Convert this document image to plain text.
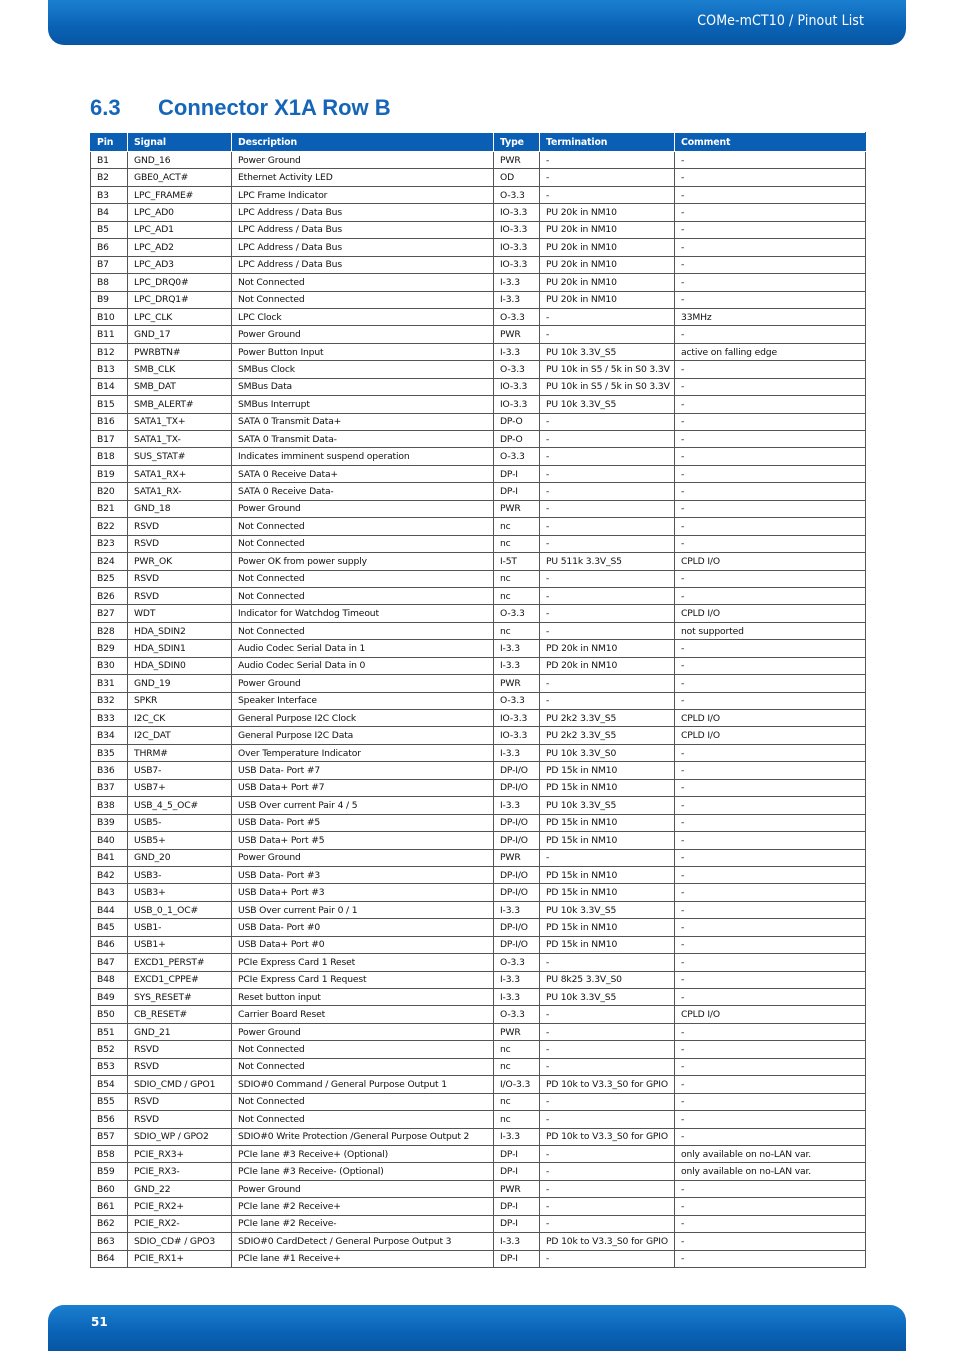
COMe-mCT10 / Pinout List
6.3 Connector X1A Row B
Pin	Signal	Description	Type	Termination	Comment
B1	GND_16	Power Ground	PWR	-	-
B2	GBE0_ACT#	Ethernet Activity LED	OD	-	-
B3	LPC_FRAME#	LPC Frame Indicator	O-3.3	-	-
B4	LPC_AD0	LPC Address / Data Bus	IO-3.3	PU 20k in NM10	-
B5	LPC_AD1	LPC Address / Data Bus	IO-3.3	PU 20k in NM10	-
B6	LPC_AD2	LPC Address / Data Bus	IO-3.3	PU 20k in NM10	-
B7	LPC_AD3	LPC Address / Data Bus	IO-3.3	PU 20k in NM10	-
B8	LPC_DRQ0#	Not Connected	I-3.3	PU 20k in NM10	-
B9	LPC_DRQ1#	Not Connected	I-3.3	PU 20k in NM10	-
B10	LPC_CLK	LPC Clock	O-3.3	-	33MHz
B11	GND_17	Power Ground	PWR	-	-
B12	PWRBTN#	Power Button Input	I-3.3	PU 10k 3.3V_S5	active on falling edge
B13	SMB_CLK	SMBus Clock	O-3.3	PU 10k in S5 / 5k in S0 3.3V	-
B14	SMB_DAT	SMBus Data	IO-3.3	PU 10k in S5 / 5k in S0 3.3V	-
B15	SMB_ALERT#	SMBus Interrupt	IO-3.3	PU 10k 3.3V_S5	-
B16	SATA1_TX+	SATA 0 Transmit Data+	DP-O	-	-
B17	SATA1_TX-	SATA 0 Transmit Data-	DP-O	-	-
B18	SUS_STAT#	Indicates imminent suspend operation	O-3.3	-	-
B19	SATA1_RX+	SATA 0 Receive Data+	DP-I	-	-
B20	SATA1_RX-	SATA 0 Receive Data-	DP-I	-	-
B21	GND_18	Power Ground	PWR	-	-
B22	RSVD	Not Connected	nc	-	-
B23	RSVD	Not Connected	nc	-	-
B24	PWR_OK	Power OK from power supply	I-5T	PU 511k 3.3V_S5	CPLD I/O
B25	RSVD	Not Connected	nc	-	-
B26	RSVD	Not Connected	nc	-	-
B27	WDT	Indicator for Watchdog Timeout	O-3.3	-	CPLD I/O
B28	HDA_SDIN2	Not Connected	nc	-	not supported
B29	HDA_SDIN1	Audio Codec Serial Data in 1	I-3.3	PD 20k in NM10	-
B30	HDA_SDIN0	Audio Codec Serial Data in 0	I-3.3	PD 20k in NM10	-
B31	GND_19	Power Ground	PWR	-	-
B32	SPKR	Speaker Interface	O-3.3	-	-
B33	I2C_CK	General Purpose I2C Clock	IO-3.3	PU 2k2 3.3V_S5	CPLD I/O
B34	I2C_DAT	General Purpose I2C Data	IO-3.3	PU 2k2 3.3V_S5	CPLD I/O
B35	THRM#	Over Temperature Indicator	I-3.3	PU 10k 3.3V_S0	-
B36	USB7-	USB Data- Port #7	DP-I/O	PD 15k in NM10	-
B37	USB7+	USB Data+ Port #7	DP-I/O	PD 15k in NM10	-
B38	USB_4_5_OC#	USB Over current Pair 4 / 5	I-3.3	PU 10k 3.3V_S5	-
B39	USB5-	USB Data- Port #5	DP-I/O	PD 15k in NM10	-
B40	USB5+	USB Data+ Port #5	DP-I/O	PD 15k in NM10	-
B41	GND_20	Power Ground	PWR	-	-
B42	USB3-	USB Data- Port #3	DP-I/O	PD 15k in NM10	-
B43	USB3+	USB Data+ Port #3	DP-I/O	PD 15k in NM10	-
B44	USB_0_1_OC#	USB Over current Pair 0 / 1	I-3.3	PU 10k 3.3V_S5	-
B45	USB1-	USB Data- Port #0	DP-I/O	PD 15k in NM10	-
B46	USB1+	USB Data+ Port #0	DP-I/O	PD 15k in NM10	-
B47	EXCD1_PERST#	PCIe Express Card 1 Reset	O-3.3	-	-
B48	EXCD1_CPPE#	PCIe Express Card 1 Request	I-3.3	PU 8k25 3.3V_S0	-
B49	SYS_RESET#	Reset button input	I-3.3	PU 10k 3.3V_S5	-
B50	CB_RESET#	Carrier Board Reset	O-3.3	-	CPLD I/O
B51	GND_21	Power Ground	PWR	-	-
B52	RSVD	Not Connected	nc	-	-
B53	RSVD	Not Connected	nc	-	-
B54	SDIO_CMD / GPO1	SDIO#0 Command / General Purpose Output 1	I/O-3.3	PD 10k to V3.3_S0 for GPIO	-
B55	RSVD	Not Connected	nc	-	-
B56	RSVD	Not Connected	nc	-	-
B57	SDIO_WP / GPO2	SDIO#0 Write Protection /General Purpose Output 2	I-3.3	PD 10k to V3.3_S0 for GPIO	-
B58	PCIE_RX3+	PCIe lane #3 Receive+ (Optional)	DP-I	-	only available on no-LAN var.
B59	PCIE_RX3-	PCIe lane #3 Receive- (Optional)	DP-I	-	only available on no-LAN var.
B60	GND_22	Power Ground	PWR	-	-
B61	PCIE_RX2+	PCIe lane #2 Receive+	DP-I	-	-
B62	PCIE_RX2-	PCIe lane #2 Receive-	DP-I	-	-
B63	SDIO_CD# / GPO3	SDIO#0 CardDetect / General Purpose Output 3	I-3.3	PD 10k to V3.3_S0 for GPIO	-
B64	PCIE_RX1+	PCIe lane #1 Receive+	DP-I	-	-
51
